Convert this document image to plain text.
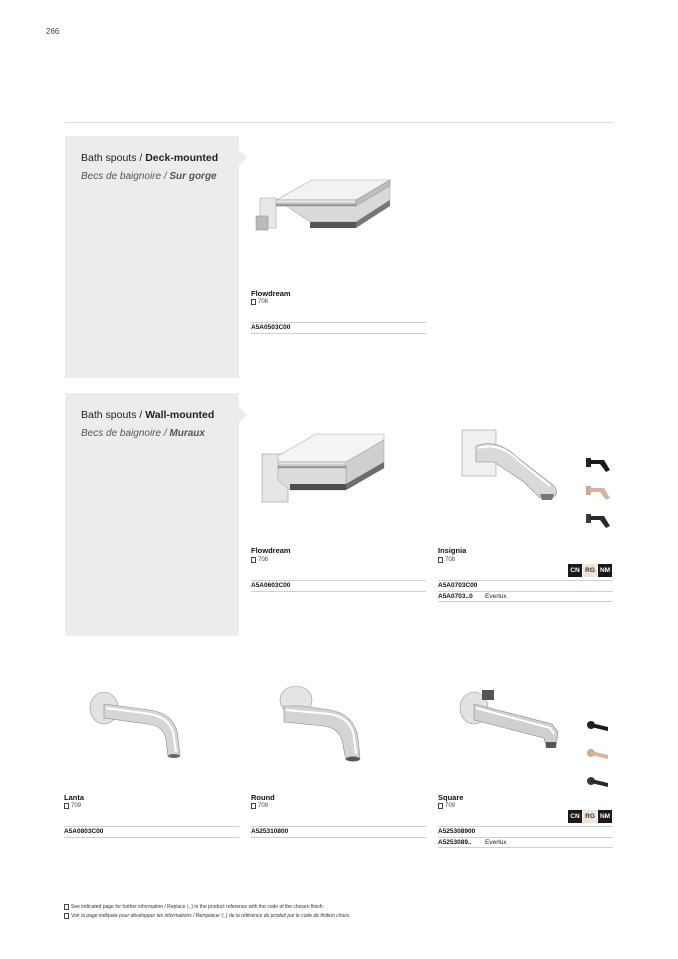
266
Bath spouts / Deck-mounted
Becs de baignoire / Sur gorge
Flowdream
708
A5A0503C00
Bath spouts / Wall-mounted
Becs de baignoire / Muraux
Flowdream
708
A5A0603C00
Insignia
708
CN RG NM
A5A0703C00
A5A0703..0 Everlux
Lanta
709
A5A0803C00
Round
709
A525310800
Square
709
CN RG NM
A525308900
A5253089.. Everlux
See indicated page for further information / Replace (..) in the product reference with the code of the chosen finish.
Voir la page indiquée pour développer les informations / Remplacer (..) de la référence du produit par le code de finition choisi.
